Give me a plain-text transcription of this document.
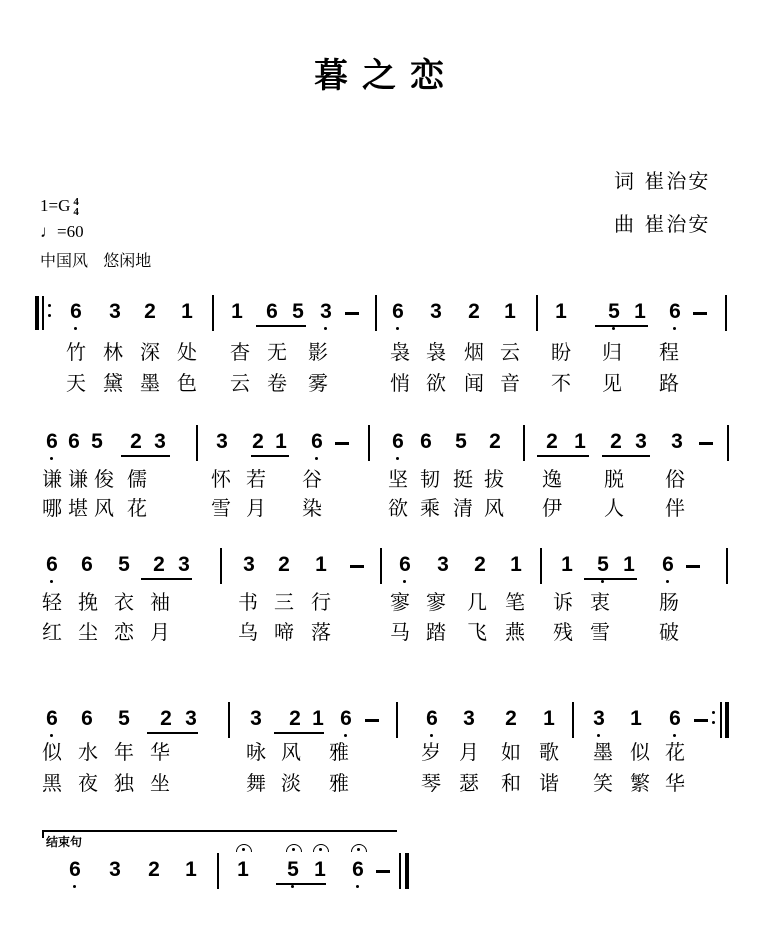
暮之恋
词 崔治安
曲 崔治安
1=G 4
4
♩=60
中国风 悠闲地
6 3 2 1 1 6 5 3	6 3 2 1 1 5 1 6
竹 林 深 处 杳 无 影	袅 袅 烟 云 盼 归 程
天 黛 墨 色 云 卷 雾	悄 欲 闻 音 不 见 路
6 6 5 2 3 3 2 1 6	6 6 5 2 2 1 2 3 3
谦 谦 俊 儒	怀 若 谷	坚 韧 挺 拔 逸 脱 俗
哪 堪 风 花	雪 月 染	欲 乘 清 风 伊 人 伴
6 6 5 2 3	3 2 1	6 3 2 1 1 5 1 6
轻 挽 衣 袖	书 三 行	寥 寥 几 笔 诉 衷 肠
红 尘 恋 月	乌 啼 落	马 踏 飞 燕 残 雪 破
6 6 5 2 3	3 2 1 6	6 3 2 1 3 1 6
似 水 年 华	咏 风 雅	岁 月 如 歌 墨 似 花
黑 夜 独 坐	舞 淡 雅	琴 瑟 和 谐 笑 繁 华
6 3 2 1 1 5 1 6
结束句
